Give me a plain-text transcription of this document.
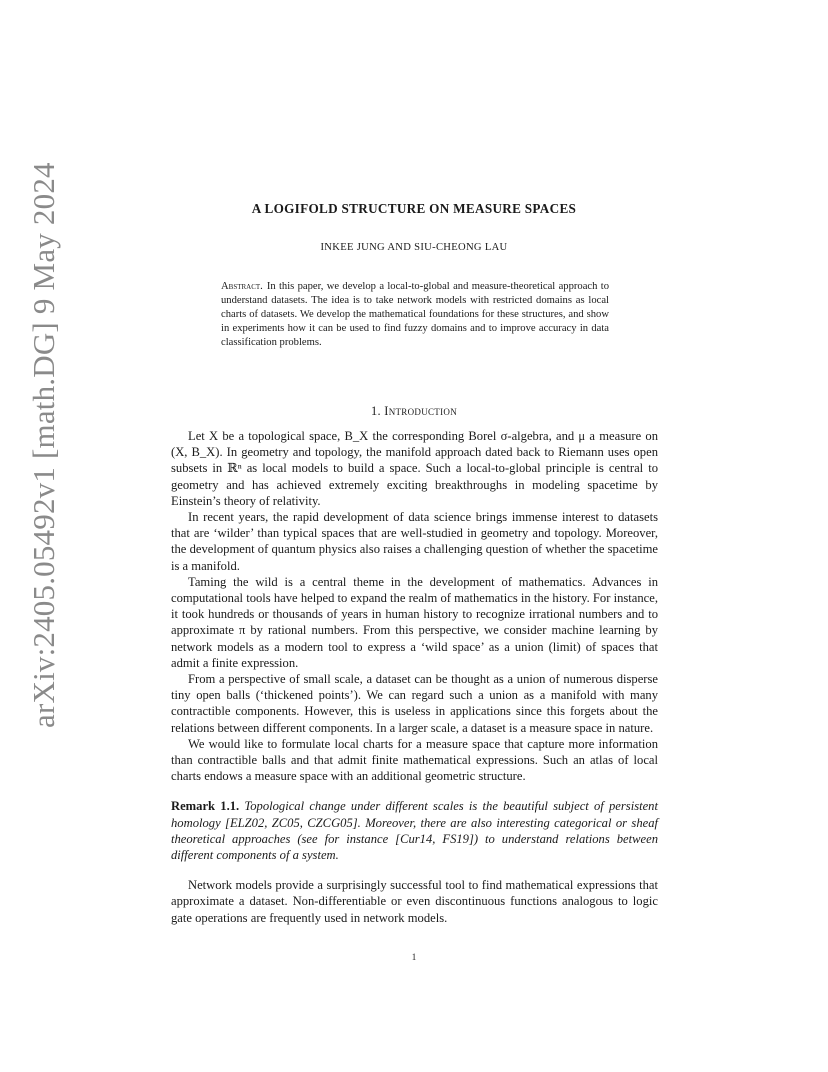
arXiv:2405.05492v1 [math.DG] 9 May 2024	A LOGIFOLD STRUCTURE ON MEASURE SPACES
INKEE JUNG AND SIU-CHEONG LAU
Abstract. In this paper, we develop a local-to-global and measure-theoretical approach to understand datasets. The idea is to take network models with restricted domains as local charts of datasets. We develop the mathematical foundations for these structures, and show in experiments how it can be used to find fuzzy domains and to improve accuracy in data classification problems.
1. Introduction

Let X be a topological space, B_X the corresponding Borel σ-algebra, and μ a measure on (X, B_X). In geometry and topology, the manifold approach dated back to Riemann uses open subsets in ℝⁿ as local models to build a space. Such a local-to-global principle is central to geometry and has achieved extremely exciting breakthroughs in modeling spacetime by Einstein’s theory of relativity.

In recent years, the rapid development of data science brings immense interest to datasets that are ‘wilder’ than typical spaces that are well-studied in geometry and topology. Moreover, the development of quantum physics also raises a challenging question of whether the spacetime is a manifold.

Taming the wild is a central theme in the development of mathematics. Advances in computational tools have helped to expand the realm of mathematics in the history. For instance, it took hundreds or thousands of years in human history to recognize irrational numbers and to approximate π by rational numbers. From this perspective, we consider machine learning by network models as a modern tool to express a ‘wild space’ as a union (limit) of spaces that admit a finite expression.

From a perspective of small scale, a dataset can be thought as a union of numerous disperse tiny open balls (‘thickened points’). We can regard such a union as a manifold with many contractible components. However, this is useless in applications since this forgets about the relations between different components. In a larger scale, a dataset is a measure space in nature.

We would like to formulate local charts for a measure space that capture more information than contractible balls and that admit finite mathematical expressions. Such an atlas of local charts endows a measure space with an additional geometric structure.

Remark 1.1. Topological change under different scales is the beautiful subject of persistent homology [ELZ02, ZC05, CZCG05]. Moreover, there are also interesting categorical or sheaf theoretical approaches (see for instance [Cur14, FS19]) to understand relations between different components of a system.

Network models provide a surprisingly successful tool to find mathematical expressions that approximate a dataset. Non-differentiable or even discontinuous functions analogous to logic gate operations are frequently used in network models.

1
